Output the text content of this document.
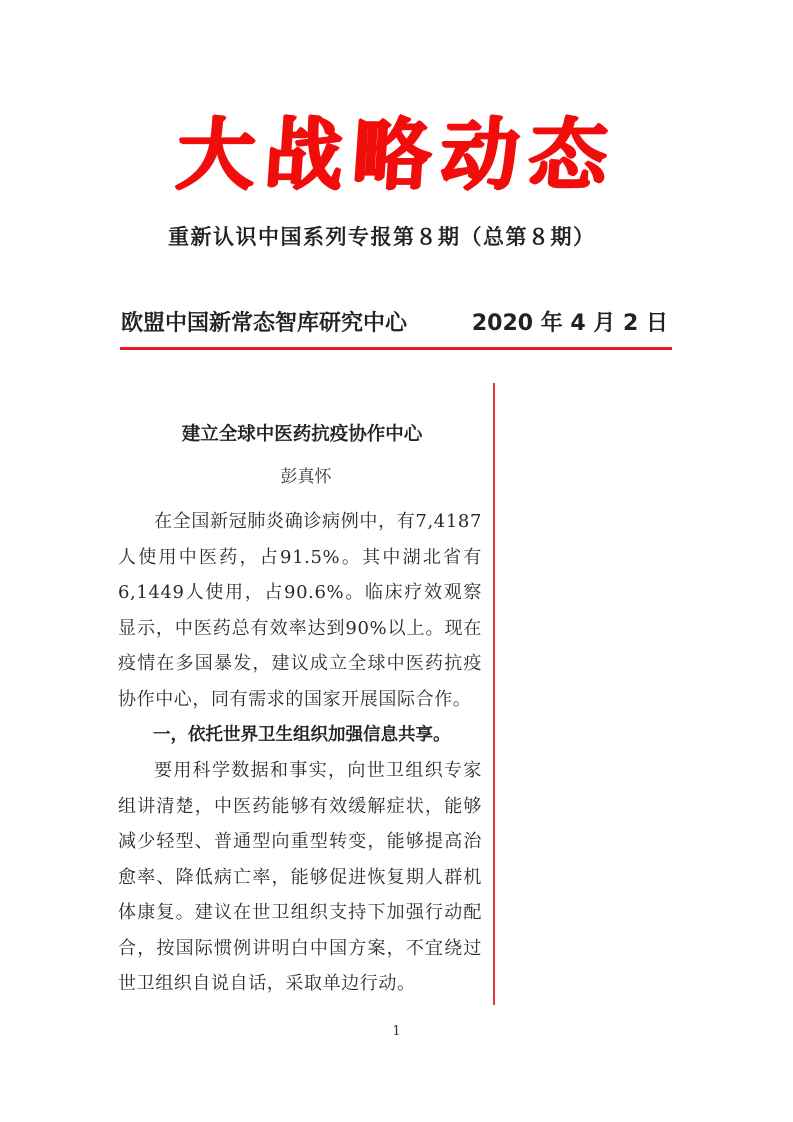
大战略动态
重新认识中国系列专报第８期（总第８期）
欧盟中国新常态智库研究中心	2020 年 4 月 2 日
建立全球中医药抗疫协作中心
彭真怀

在全国新冠肺炎确诊病例中，有7,4187人使用中医药，占91.5%。其中湖北省有6,1449人使用，占90.6%。临床疗效观察显示，中医药总有效率达到90%以上。现在疫情在多国暴发，建议成立全球中医药抗疫协作中心，同有需求的国家开展国际合作。

一，依托世界卫生组织加强信息共享。

要用科学数据和事实，向世卫组织专家组讲清楚，中医药能够有效缓解症状，能够减少轻型、普通型向重型转变，能够提高治愈率、降低病亡率，能够促进恢复期人群机体康复。建议在世卫组织支持下加强行动配合，按国际惯例讲明白中国方案，不宜绕过世卫组织自说自话，采取单边行动。

1
